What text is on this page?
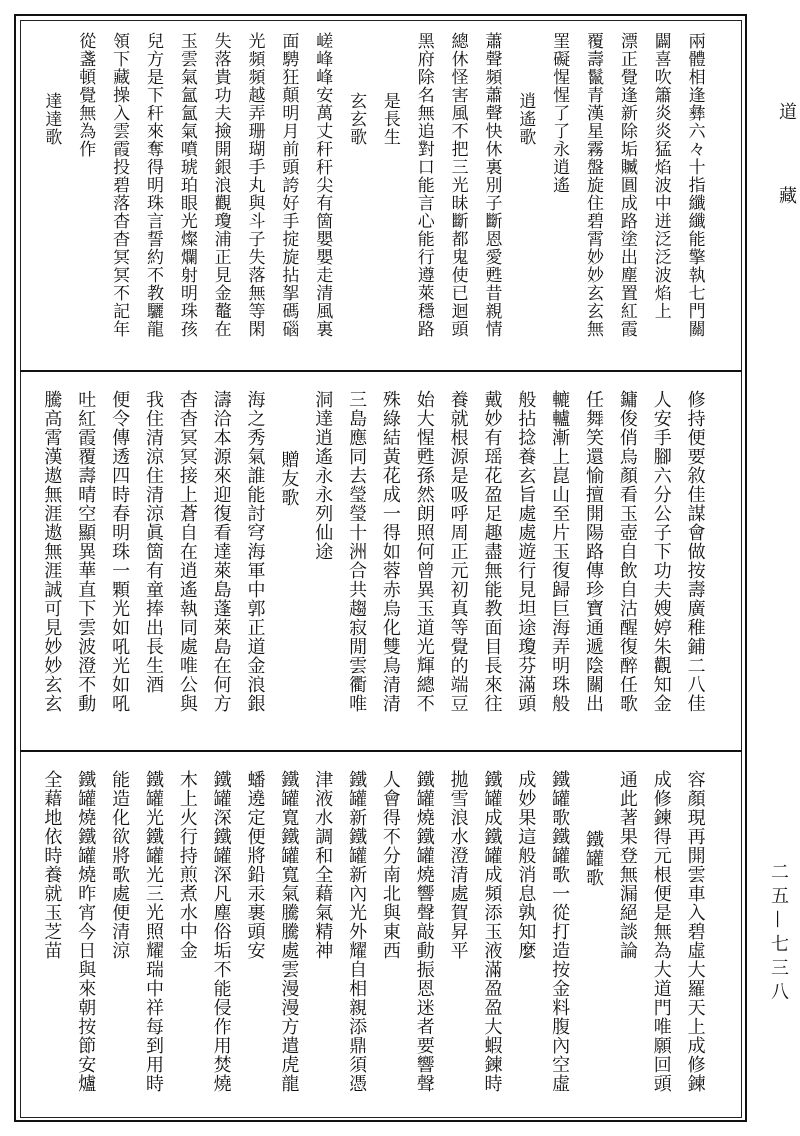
道
藏
二五—七三八
兩體相逢彝六々十指纖纖能擎執七門關
闢喜吹簫炎炎猛焰波中迸泛泛波焰上
漂正覺逢新除垢贓圓成路塗出塵置紅霞
覆壽鬣青漢星霧盤旋住碧霄妙妙玄玄無
罣礙惺惺了了永逍遙
逍遙歌
蕭聲頻蕭聲快休裏別子斷恩愛甦昔親情
總休怪害風不把三光昧斷都鬼使已迴頭
黑府除名無追對口能言心能行遵萊穩路
是長生
玄玄歌
嵯峰峰安萬丈秆秆尖有箇嬰嬰走清風裏
面騁狂顛明月前頭誇好手掟旋拈挐碼碯
光頻頻越弄珊瑚手丸與斗子失落無等閑
失落貴功夫撿開銀浪觀瓊浦正見金鼇在
玉雲氣氳氳氣噴琥珀眼光燦爛射明珠孩
兒方是下秆來奪得明珠言誓約不教驪龍
領下藏操入雲霞投碧落杳杳冥冥不記年
從盞頓覺無為作
達達歌
修持便要敘佳謀會做按壽廣稚鋪二八佳
人安手腳六分公子下功夫嫂婷朱觀知金
鏞俊俏烏顏看玉壺自飲自沽醒復醉任歌
任舞笑還愉擅開陽路傳珍寶通遞陰關出
轆轤漸上崑山至片玉復歸巨海弄明珠般
般拈捻養玄旨處處遊行見坦途瓊芬滿頭
戴妙有瑶花盈足趣盡無能教面目長來往
養就根源是吸呼周正元初真等覺的端豆
始大惺甦孫然朗照何曾異玉道光輝總不
殊綠結黃花成一得如蓉赤烏化雙鳥清清
三島應同去瑩瑩十洲合共趨寂閒雲衢唯
洞達逍遙永永列仙途
贈友歌
海之秀氣誰能討穹海軍中郭正道金浪銀
濤洽本源來迎復看達萊島蓬萊島在何方
杳杳冥冥接上蒼自在逍遙執同處唯公與
我住清涼住清涼眞箇有童捧出長生酒
便令傳透四時春明珠一顆光如吼光如吼
吐紅霞覆壽晴空顯異華直下雲波澄不動
騰高霄漢遨無涯遨無涯誠可見妙妙玄玄
容顏現再開雲車入碧虛大羅天上成修鍊
成修鍊得元根便是無為大道門唯願回頭
通此著果登無漏絕談論
鐵罐歌
鐵罐歌鐵罐歌一從打造按金料腹內空虛
成妙果這般消息孰知麼
鐵罐成鐵罐成頻添玉液滿盈盈大蝦鍊時
拋雪浪水澄清處賀昇平
鐵罐燒鐵罐燒響聲敲動振恩迷者要響聲
人會得不分南北與東西
鐵罐新鐵罐新內光外耀自相親添鼎須憑
津液水調和全藉氣精神
鐵罐寬鐵罐寬氣騰騰處雲漫漫方遣虎龍
蟠遶定便將鉛汞裹頭安
鐵罐深鐵罐深凡塵俗垢不能侵作用焚燒
木上火行持煎煮水中金
鐵罐光鐵罐光三光照耀瑞中祥每到用時
能造化欲將歌處便清涼
鐵罐燒鐵罐燒昨宵今日與來朝按節安爐
全藉地依時養就玉芝苗
